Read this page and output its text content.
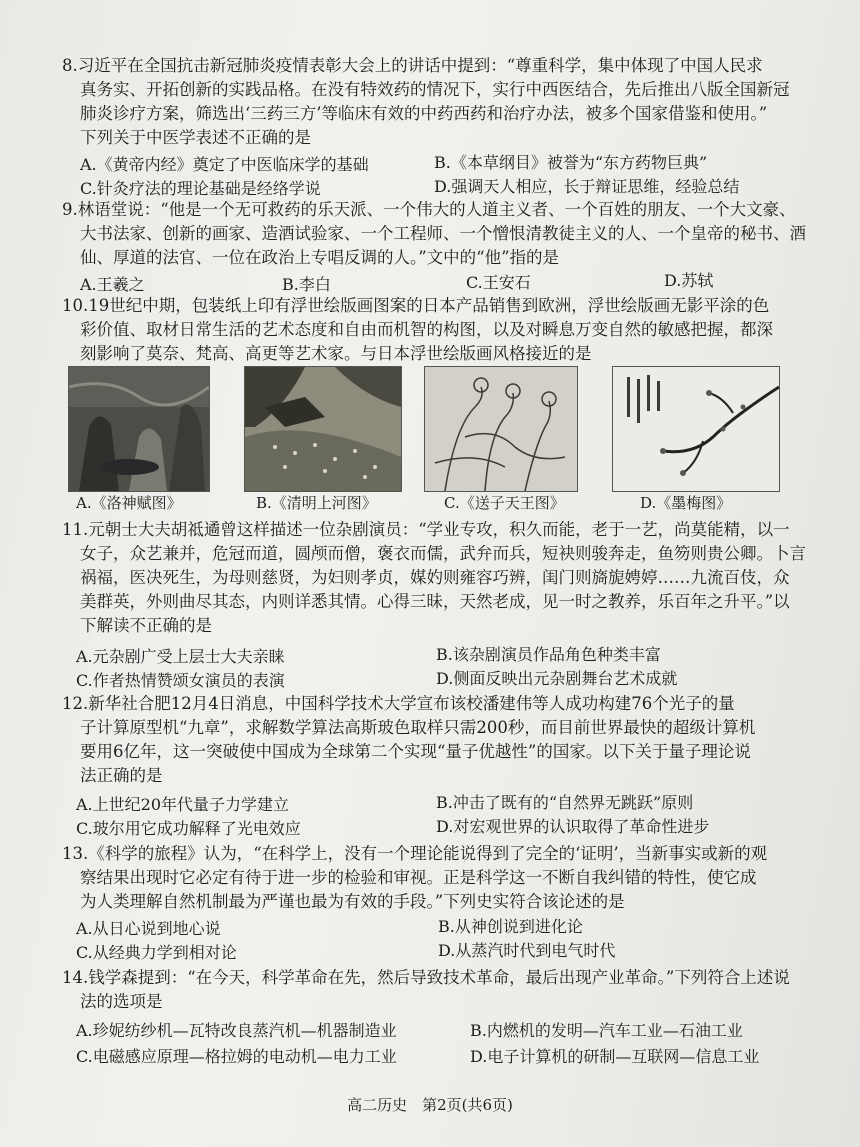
8.习近平在全国抗击新冠肺炎疫情表彰大会上的讲话中提到：“尊重科学，集中体现了中国人民求
真务实、开拓创新的实践品格。在没有特效药的情况下，实行中西医结合，先后推出八版全国新冠
肺炎诊疗方案，筛选出‘三药三方’等临床有效的中药西药和治疗办法，被多个国家借鉴和使用。”
下列关于中医学表述不正确的是
A.《黄帝内经》奠定了中医临床学的基础	B.《本草纲目》被誉为“东方药物巨典”
C.针灸疗法的理论基础是经络学说	D.强调天人相应，长于辩证思维，经验总结
9.林语堂说：“他是一个无可救药的乐天派、一个伟大的人道主义者、一个百姓的朋友、一个大文豪、
大书法家、创新的画家、造酒试验家、一个工程师、一个憎恨清教徒主义的人、一个皇帝的秘书、酒
仙、厚道的法官、一位在政治上专唱反调的人。”文中的“他”指的是
A.王羲之	B.李白	C.王安石	D.苏轼
10.19世纪中期，包装纸上印有浮世绘版画图案的日本产品销售到欧洲，浮世绘版画无影平涂的色
彩价值、取材日常生活的艺术态度和自由而机智的构图，以及对瞬息万变自然的敏感把握，都深
刻影响了莫奈、梵高、高更等艺术家。与日本浮世绘版画风格接近的是
A.《洛神赋图》	B.《清明上河图》	C.《送子天王图》	D.《墨梅图》
11.元朝士大夫胡祗遹曾这样描述一位杂剧演员：“学业专攻，积久而能，老于一艺，尚莫能精，以一
女子，众艺兼并，危冠而道，圆颅而僧，褒衣而儒，武弁而兵，短袂则骏奔走，鱼笏则贵公卿。卜言
祸福，医决死生，为母则慈贤，为妇则孝贞，媒妁则雍容巧辨，闺门则旖旎娉婷……九流百伎，众
美群英，外则曲尽其态，内则详悉其情。心得三昧，天然老成，见一时之教养，乐百年之升平。”以
下解读不正确的是
A.元杂剧广受上层士大夫亲睐	B.该杂剧演员作品角色种类丰富
C.作者热情赞颂女演员的表演	D.侧面反映出元杂剧舞台艺术成就
12.新华社合肥12月4日消息，中国科学技术大学宣布该校潘建伟等人成功构建76个光子的量
子计算原型机“九章”，求解数学算法高斯玻色取样只需200秒，而目前世界最快的超级计算机
要用6亿年，这一突破使中国成为全球第二个实现“量子优越性”的国家。以下关于量子理论说
法正确的是
A.上世纪20年代量子力学建立	B.冲击了既有的“自然界无跳跃”原则
C.玻尔用它成功解释了光电效应	D.对宏观世界的认识取得了革命性进步
13.《科学的旅程》认为，“在科学上，没有一个理论能说得到了完全的‘证明’，当新事实或新的观
察结果出现时它必定有待于进一步的检验和审视。正是科学这一不断自我纠错的特性，使它成
为人类理解自然机制最为严谨也最为有效的手段。”下列史实符合该论述的是
A.从日心说到地心说	B.从神创说到进化论
C.从经典力学到相对论	D.从蒸汽时代到电气时代
14.钱学森提到：“在今天，科学革命在先，然后导致技术革命，最后出现产业革命。”下列符合上述说
法的选项是
A.珍妮纺纱机—瓦特改良蒸汽机—机器制造业	B.内燃机的发明—汽车工业—石油工业
C.电磁感应原理—格拉姆的电动机—电力工业	D.电子计算机的研制—互联网—信息工业
高二历史　第2页(共6页)
